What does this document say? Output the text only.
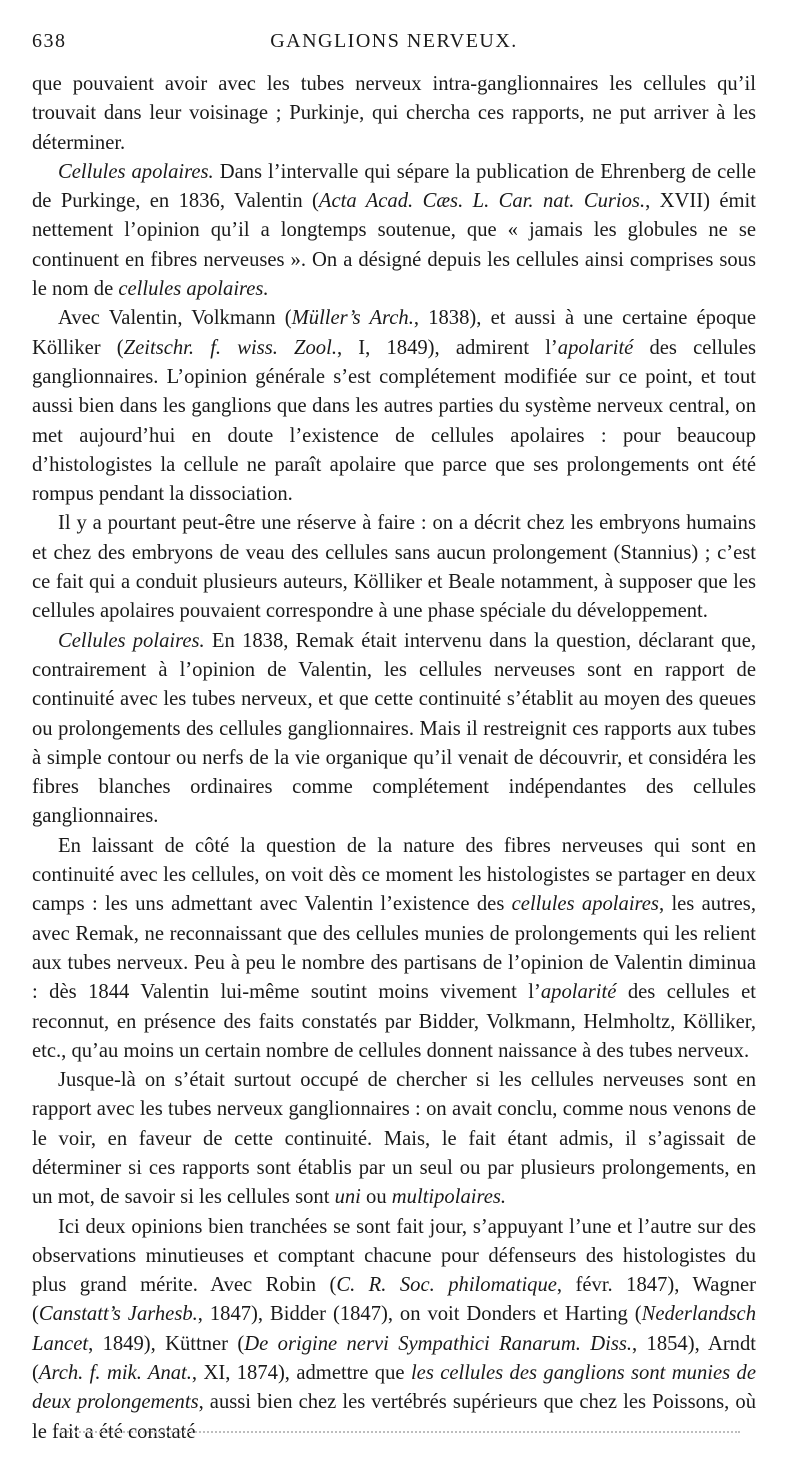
638	GANGLIONS NERVEUX.

que pouvaient avoir avec les tubes nerveux intra-ganglionnaires les cellules qu’il trouvait dans leur voisinage ; Purkinje, qui chercha ces rapports, ne put arriver à les déterminer.

Cellules apolaires. Dans l’intervalle qui sépare la publication de Ehrenberg de celle de Purkinge, en 1836, Valentin (Acta Acad. Cæs. L. Car. nat. Curios., XVII) émit nettement l’opinion qu’il a longtemps soutenue, que « jamais les globules ne se continuent en fibres nerveuses ». On a désigné depuis les cellules ainsi comprises sous le nom de cellules apolaires.

Avec Valentin, Volkmann (Müller’s Arch., 1838), et aussi à une certaine époque Kölliker (Zeitschr. f. wiss. Zool., I, 1849), admirent l’apolarité des cellules ganglionnaires. L’opinion générale s’est complétement modifiée sur ce point, et tout aussi bien dans les ganglions que dans les autres parties du système nerveux central, on met aujourd’hui en doute l’existence de cellules apolaires : pour beaucoup d’histologistes la cellule ne paraît apolaire que parce que ses prolongements ont été rompus pendant la dissociation.

Il y a pourtant peut-être une réserve à faire : on a décrit chez les embryons humains et chez des embryons de veau des cellules sans aucun prolongement (Stannius) ; c’est ce fait qui a conduit plusieurs auteurs, Kölliker et Beale notamment, à supposer que les cellules apolaires pouvaient correspondre à une phase spéciale du développement.

Cellules polaires. En 1838, Remak était intervenu dans la question, déclarant que, contrairement à l’opinion de Valentin, les cellules nerveuses sont en rapport de continuité avec les tubes nerveux, et que cette continuité s’établit au moyen des queues ou prolongements des cellules ganglionnaires. Mais il restreignit ces rapports aux tubes à simple contour ou nerfs de la vie organique qu’il venait de découvrir, et considéra les fibres blanches ordinaires comme complétement indépendantes des cellules ganglionnaires.

En laissant de côté la question de la nature des fibres nerveuses qui sont en continuité avec les cellules, on voit dès ce moment les histologistes se partager en deux camps : les uns admettant avec Valentin l’existence des cellules apolaires, les autres, avec Remak, ne reconnaissant que des cellules munies de prolongements qui les relient aux tubes nerveux. Peu à peu le nombre des partisans de l’opinion de Valentin diminua : dès 1844 Valentin lui-même soutint moins vivement l’apolarité des cellules et reconnut, en présence des faits constatés par Bidder, Volkmann, Helmholtz, Kölliker, etc., qu’au moins un certain nombre de cellules donnent naissance à des tubes nerveux.

Jusque-là on s’était surtout occupé de chercher si les cellules nerveuses sont en rapport avec les tubes nerveux ganglionnaires : on avait conclu, comme nous venons de le voir, en faveur de cette continuité. Mais, le fait étant admis, il s’agissait de déterminer si ces rapports sont établis par un seul ou par plusieurs prolongements, en un mot, de savoir si les cellules sont uni ou multipolaires.

Ici deux opinions bien tranchées se sont fait jour, s’appuyant l’une et l’autre sur des observations minutieuses et comptant chacune pour défenseurs des histologistes du plus grand mérite. Avec Robin (C. R. Soc. philomatique, févr. 1847), Wagner (Canstatt’s Jarhesb., 1847), Bidder (1847), on voit Donders et Harting (Nederlandsch Lancet, 1849), Küttner (De origine nervi Sympathici Ranarum. Diss., 1854), Arndt (Arch. f. mik. Anat., XI, 1874), admettre que les cellules des ganglions sont munies de deux prolongements, aussi bien chez les vertébrés supérieurs que chez les Poissons, où le fait a été constaté
